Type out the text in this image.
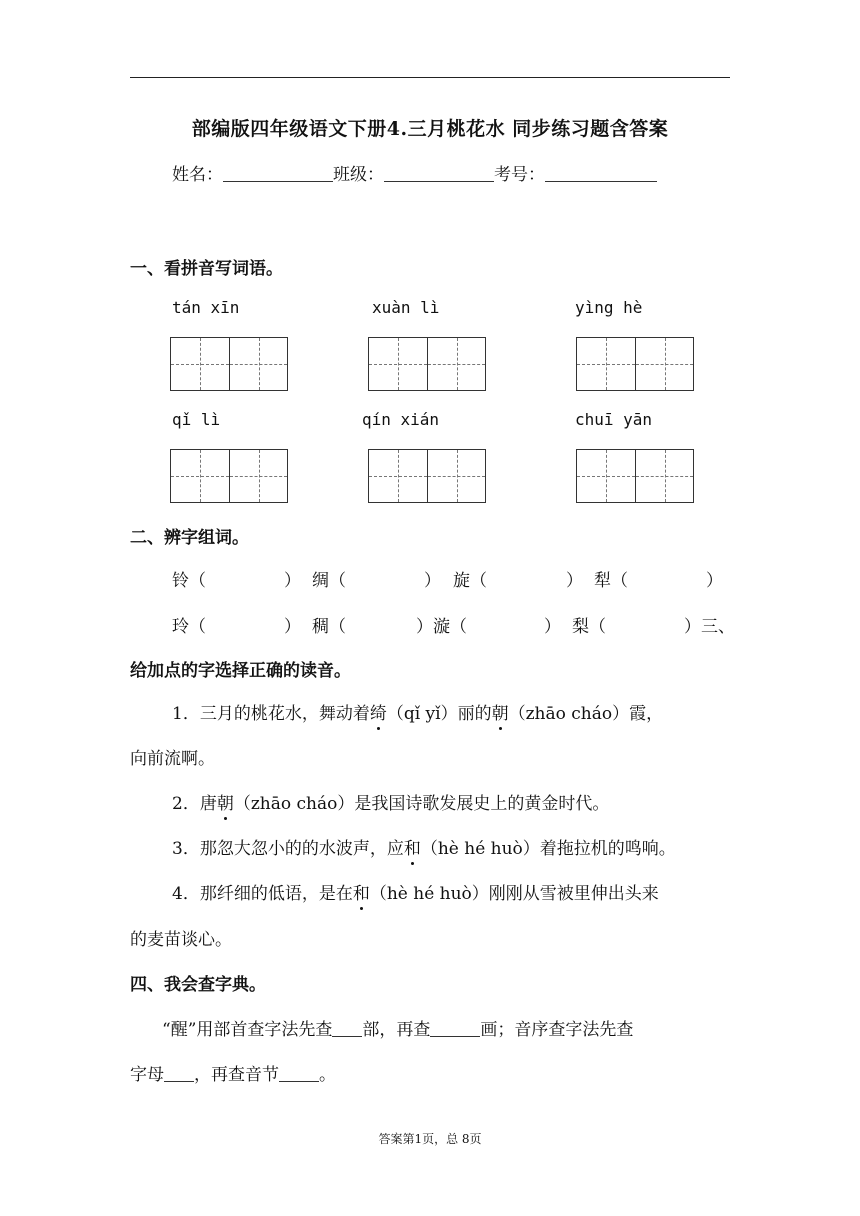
部编版四年级语文下册4.三月桃花水 同步练习题含答案
姓名：	班级：	考号：
一、看拼音写词语。
tán xīn	xuàn lì	yìng hè
qǐ lì	qín xián	chuī yān
二、辨字组词。
铃（	） 绸（	） 旋（	） 犁（	）
玲（	） 稠（	）漩（	） 梨（	）三、
给加点的字选择正确的读音。
1．三月的桃花水，舞动着绮（qǐ yǐ）丽的朝（zhāo cháo）霞，
向前流啊。
2．唐朝（zhāo cháo）是我国诗歌发展史上的黄金时代。
3．那忽大忽小的的水波声，应和（hè hé huò）着拖拉机的鸣响。
4．那纤细的低语，是在和（hè hé huò）刚刚从雪被里伸出头来
的麦苗谈心。
四、我会查字典。
“醒”用部首查字法先查 部，再查	画；音序查字法先查
字母 ，再查音节 。
答案第1页，总 8页
